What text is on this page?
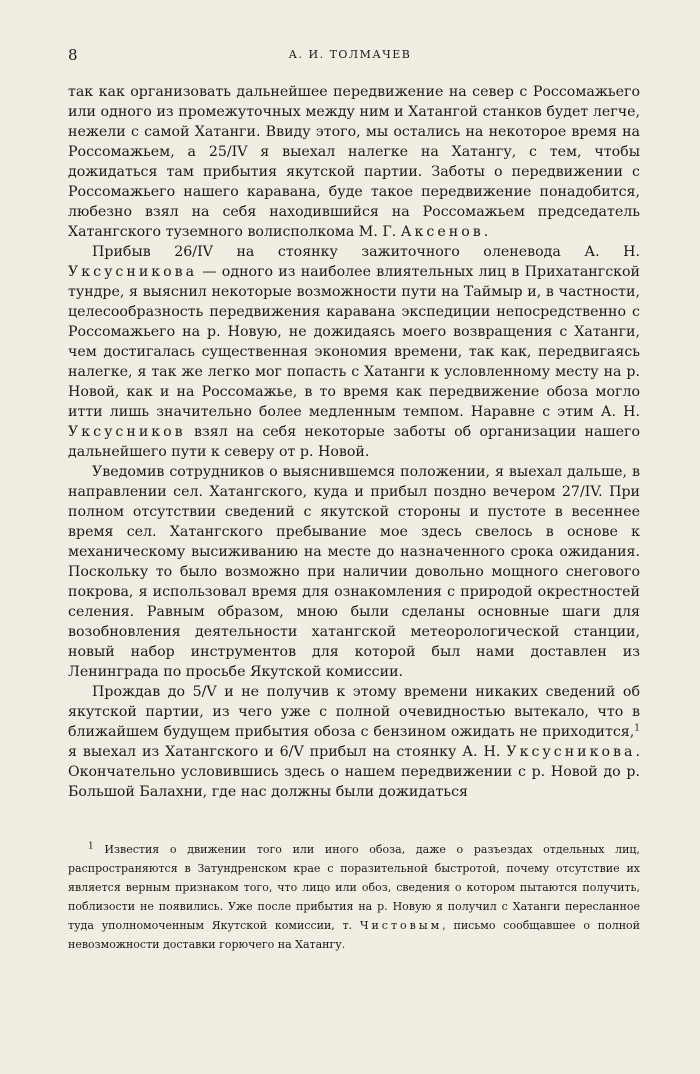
8	А. И. ТОЛМАЧЕВ

так как организовать дальнейшее передвижение на север с Россомажьего или одного из промежуточных между ним и Хатангой станков будет легче, нежели с самой Хатанги. Ввиду этого, мы остались на некоторое время на Россомажьем, а 25/IV я выехал налегке на Хатангу, с тем, чтобы дожидаться там прибытия якутской партии. Заботы о передвижении с Россомажьего нашего каравана, буде такое передвижение понадобится, любезно взял на себя находившийся на Россомажьем председатель Хатангского туземного волисполкома М. Г. Аксенов.

Прибыв 26/IV на стоянку зажиточного оленевода А. Н. Уксусникова — одного из наиболее влиятельных лиц в Прихатангской тундре, я выяснил некоторые возможности пути на Таймыр и, в частности, целесообразность передвижения каравана экспедиции непосредственно с Россомажьего на р. Новую, не дожидаясь моего возвращения с Хатанги, чем достигалась существенная экономия времени, так как, передвигаясь налегке, я так же легко мог попасть с Хатанги к условленному месту на р. Новой, как и на Россомажье, в то время как передвижение обоза могло итти лишь значительно более медленным темпом. Наравне с этим А. Н. Уксусников взял на себя некоторые заботы об организации нашего дальнейшего пути к северу от р. Новой.

Уведомив сотрудников о выяснившемся положении, я выехал дальше, в направлении сел. Хатангского, куда и прибыл поздно вечером 27/IV. При полном отсутствии сведений с якутской стороны и пустоте в весеннее время сел. Хатангского пребывание мое здесь свелось в основе к механическому высиживанию на месте до назначенного срока ожидания. Поскольку то было возможно при наличии довольно мощного снегового покрова, я использовал время для ознакомления с природой окрестностей селения. Равным образом, мною были сделаны основные шаги для возобновления деятельности хатангской метеорологической станции, новый набор инструментов для которой был нами доставлен из Ленинграда по просьбе Якутской комиссии.

Прождав до 5/V и не получив к этому времени никаких сведений об якутской партии, из чего уже с полной очевидностью вытекало, что в ближайшем будущем прибытия обоза с бензином ожидать не приходится,$^1$ я выехал из Хатангского и 6/V прибыл на стоянку А. Н. Уксусникова. Окончательно условившись здесь о нашем передвижении с р. Новой до р. Большой Балахни, где нас должны были дожидаться

$^1$ Известия о движении того или иного обоза, даже о разъездах отдельных лиц, распространяются в Затундренском крае с поразительной быстротой, почему отсутствие их является верным признаком того, что лицо или обоз, сведения о котором пытаются получить, поблизости не появились. Уже после прибытия на р. Новую я получил с Хатанги пересланное туда уполномоченным Якутской комиссии, т. Чистовым, письмо сообщавшее о полной невозможности доставки горючего на Хатангу.
